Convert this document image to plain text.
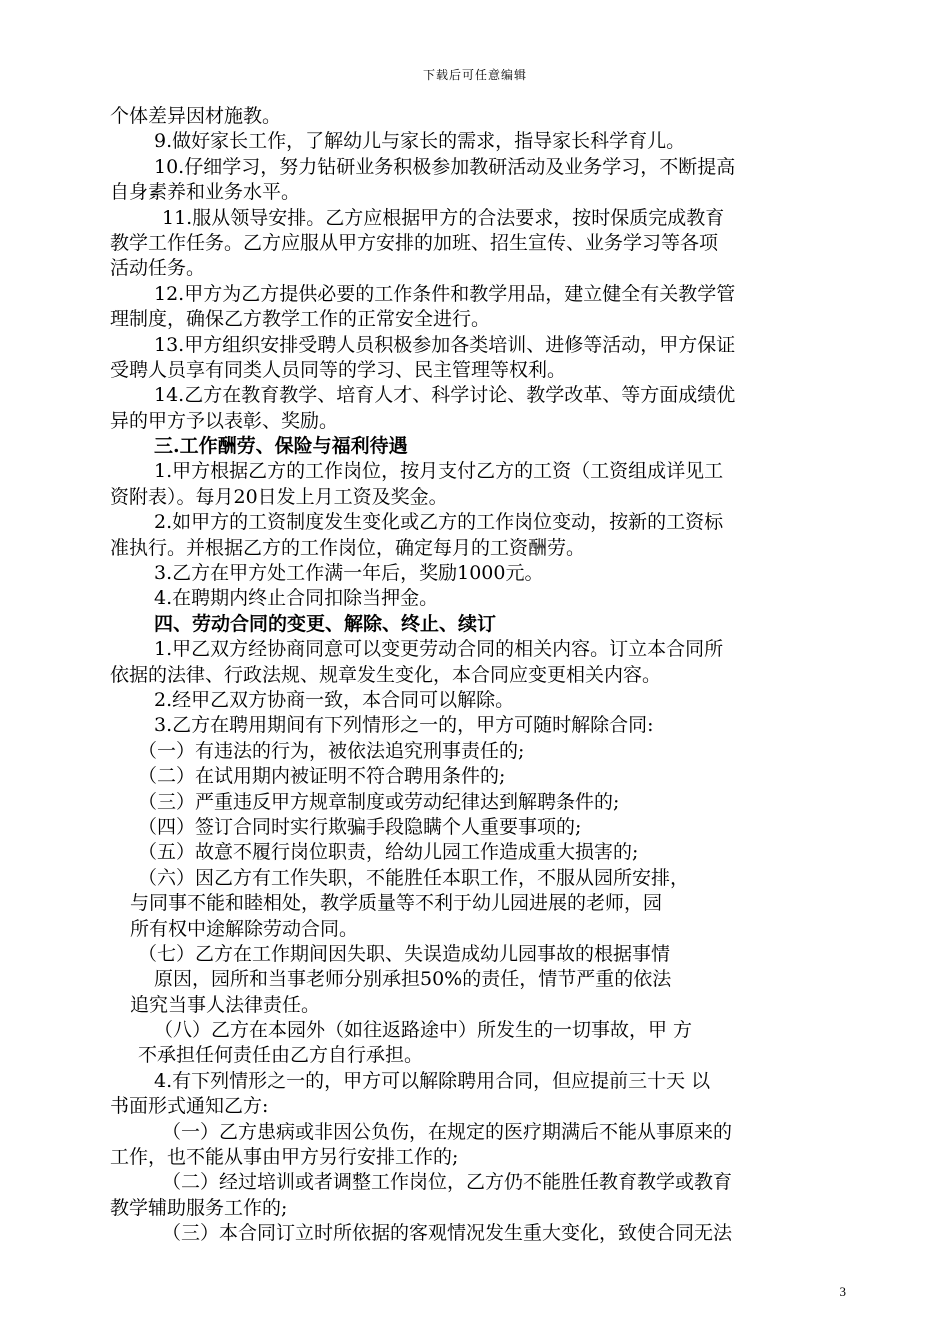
下载后可任意编辑
个体差异因材施教。
9.做好家长工作，了解幼儿与家长的需求，指导家长科学育儿。
10.仔细学习，努力钻研业务积极参加教研活动及业务学习，不断提高
自身素养和业务水平。
11.服从领导安排。乙方应根据甲方的合法要求，按时保质完成教育
教学工作任务。乙方应服从甲方安排的加班、招生宣传、业务学习等各项
活动任务。
12.甲方为乙方提供必要的工作条件和教学用品，建立健全有关教学管
理制度，确保乙方教学工作的正常安全进行。
13.甲方组织安排受聘人员积极参加各类培训、进修等活动，甲方保证
受聘人员享有同类人员同等的学习、民主管理等权利。
14.乙方在教育教学、培育人才、科学讨论、教学改革、等方面成绩优
异的甲方予以表彰、奖励。
三.工作酬劳、保险与福利待遇
1.甲方根据乙方的工作岗位，按月支付乙方的工资（工资组成详见工
资附表）。每月20日发上月工资及奖金。
2.如甲方的工资制度发生变化或乙方的工作岗位变动，按新的工资标
准执行。并根据乙方的工作岗位，确定每月的工资酬劳。
3.乙方在甲方处工作满一年后，奖励1000元。
4.在聘期内终止合同扣除当押金。
四、劳动合同的变更、解除、终止、续订
1.甲乙双方经协商同意可以变更劳动合同的相关内容。订立本合同所
依据的法律、行政法规、规章发生变化，本合同应变更相关内容。
2.经甲乙双方协商一致，本合同可以解除。
3.乙方在聘用期间有下列情形之一的，甲方可随时解除合同:
（一）有违法的行为，被依法追究刑事责任的;
（二）在试用期内被证明不符合聘用条件的;
（三）严重违反甲方规章制度或劳动纪律达到解聘条件的;
（四）签订合同时实行欺骗手段隐瞒个人重要事项的;
（五）故意不履行岗位职责，给幼儿园工作造成重大损害的;
（六）因乙方有工作失职，不能胜任本职工作，不服从园所安排，
与同事不能和睦相处，教学质量等不利于幼儿园进展的老师，园
所有权中途解除劳动合同。
（七）乙方在工作期间因失职、失误造成幼儿园事故的根据事情
原因，园所和当事老师分别承担50%的责任，情节严重的依法
追究当事人法律责任。
（八）乙方在本园外（如往返路途中）所发生的一切事故，甲 方
不承担任何责任由乙方自行承担。
4.有下列情形之一的，甲方可以解除聘用合同，但应提前三十天 以
书面形式通知乙方:
（一）乙方患病或非因公负伤，在规定的医疗期满后不能从事原来的
工作，也不能从事由甲方另行安排工作的;
（二）经过培训或者调整工作岗位，乙方仍不能胜任教育教学或教育
教学辅助服务工作的;
（三）本合同订立时所依据的客观情况发生重大变化，致使合同无法
3
